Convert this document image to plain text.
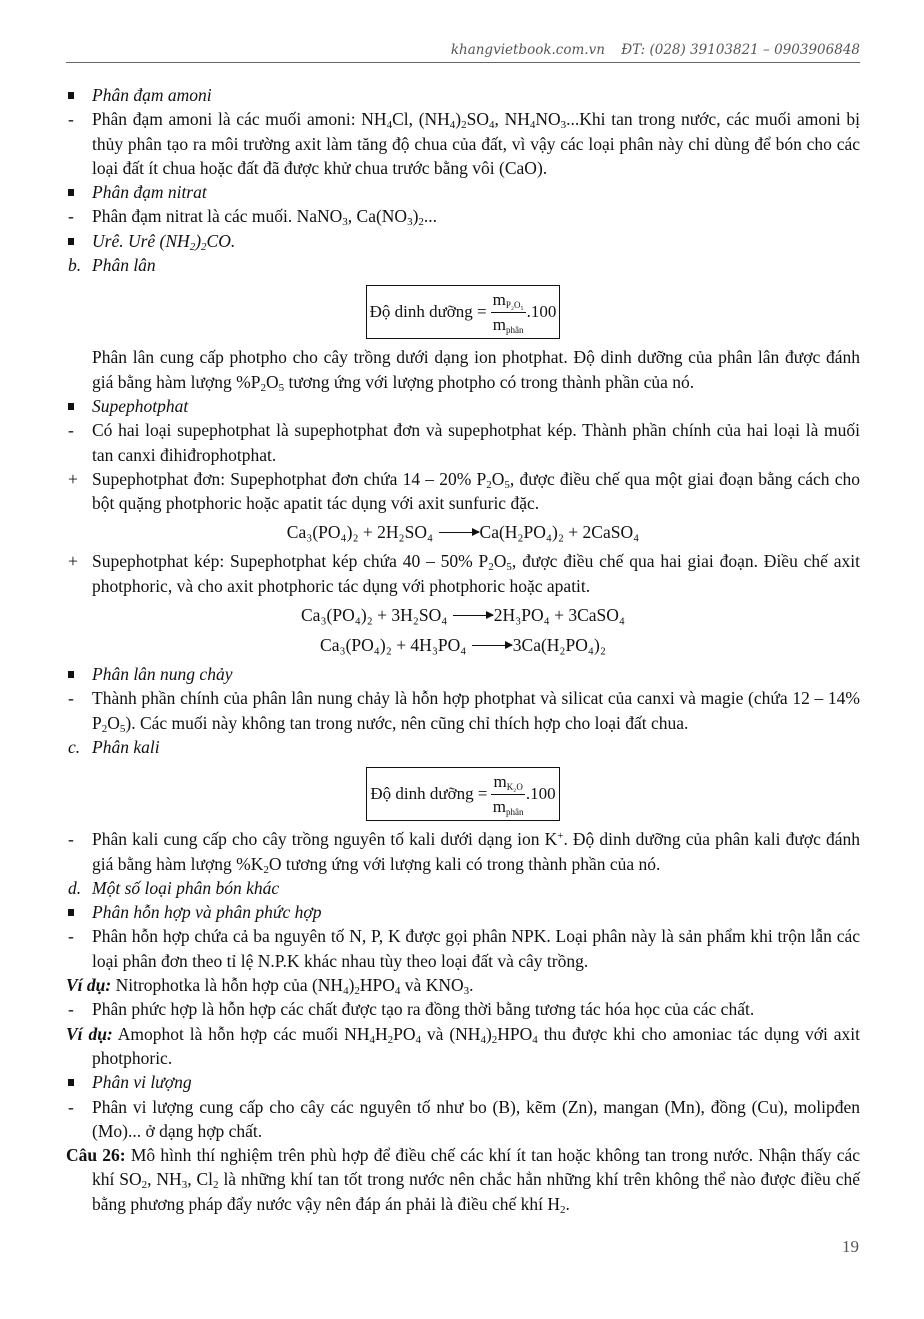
khangvietbook.com.vn ĐT: (028) 39103821 – 0903906848
Phân đạm amoni
-	Phân đạm amoni là các muối amoni: $NH_4Cl$, $(NH_4)_2SO_4$, $NH_4NO_3...Khi$ tan trong nước, các muối amoni bị thủy phân tạo ra môi trường axit làm tăng độ chua của đất, vì vậy các loại phân này chỉ dùng để bón cho các loại đất ít chua hoặc đất đã được khử chua trước bằng vôi (CaO).
Phân đạm nitrat
-	Phân đạm nitrat là các muối. NaNO$_3$, $Ca(NO_3)_2$...
Urê. Urê $(NH_2)_2CO$.
b. Phân lân
Độ dinh dưỡng = $\frac{m_{P_2O_5}}{m_{phân}} .100$
Phân lân cung cấp photpho cho cây trồng dưới dạng ion photphat. Độ dinh dưỡng của phân lân được đánh giá bằng hàm lượng $\%P_2O_5$ tương ứng với lượng photpho có trong thành phần của nó.
Supephotphat
-	Có hai loại supephotphat là supephotphat đơn và supephotphat kép. Thành phần chính của hai loại là muối tan canxi đihiđrophotphat.
+ Supephotphat đơn: Supephotphat đơn chứa 14 – 20% $P_2O_5$, được điều chế qua một giai đoạn bằng cách cho bột quặng photphoric hoặc apatit tác dụng với axit sunfuric đặc.
Ca₃(PO₄)₂ + 2H₂SO₄	Ca(H₂PO₄)₂ + 2CaSO₄
+ Supephotphat kép: Supephotphat kép chứa 40 – 50% $P_2O_5$, được điều chế qua hai giai đoạn. Điều chế axit photphoric, và cho axit photphoric tác dụng với photphoric hoặc apatit.
Ca₃(PO₄)₂ + 3H₂SO₄	2H₃PO₄ + 3CaSO₄
Ca₃(PO₄)₂ + 4H₃PO₄	3Ca(H₂PO₄)₂
Phân lân nung chảy
-	Thành phần chính của phân lân nung chảy là hỗn hợp photphat và silicat của canxi và magie (chứa 12 – 14% $P_2O_5$). Các muối này không tan trong nước, nên cũng chỉ thích hợp cho loại đất chua.
c. Phân kali
Độ dinh dưỡng = $\frac{m_{K_2O}}{m_{phân}} .100$
-	Phân kali cung cấp cho cây trồng nguyên tố kali dưới dạng ion K+. Độ dinh dưỡng của phân kali được đánh giá bằng hàm lượng $\%K_2O$ tương ứng với lượng kali có trong thành phần của nó.
d. Một số loại phân bón khác
Phân hỗn hợp và phân phức hợp
-	Phân hỗn hợp chứa cả ba nguyên tố N, P, K được gọi phân NPK. Loại phân này là sản phẩm khi trộn lẫn các loại phân đơn theo tỉ lệ N.P.K khác nhau tùy theo loại đất và cây trồng.
Ví dụ: Nitrophotka là hỗn hợp của $(NH_4)_2HPO_4$ và $KNO_3$.
-	Phân phức hợp là hỗn hợp các chất được tạo ra đồng thời bằng tương tác hóa học của các chất.
Ví dụ: Amophot là hỗn hợp các muối $NH_4H_2PO_4$ và $(NH_4)_2HPO_4$ thu được khi cho amoniac tác dụng với axit photphoric.
Phân vi lượng
-	Phân vi lượng cung cấp cho cây các nguyên tố như bo (B), kẽm (Zn), mangan (Mn), đồng (Cu), molipđen (Mo)... ở dạng hợp chất.
Câu 26: Mô hình thí nghiệm trên phù hợp để điều chế các khí ít tan hoặc không tan trong nước. Nhận thấy các khí $SO_2$, $NH_3$, $Cl_2$ là những khí tan tốt trong nước nên chắc hẳn những khí trên không thể nào được điều chế bằng phương pháp đẩy nước vậy nên đáp án phải là điều chế khí $H_2$.
19
